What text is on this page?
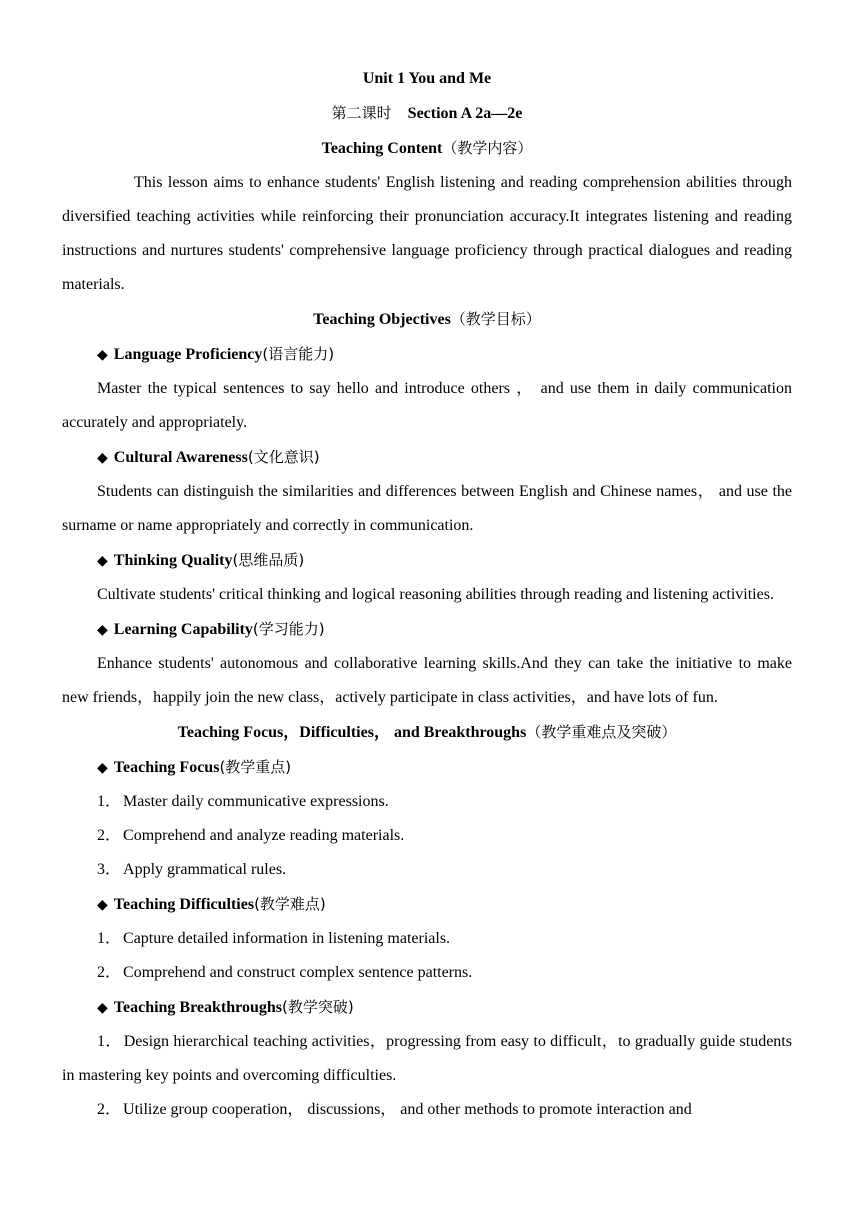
Unit 1 You and Me
第二课时 Section A 2a—2e
Teaching Content（教学内容）
This lesson aims to enhance students' English listening and reading comprehension abilities through diversified teaching activities while reinforcing their pronunciation accuracy.It integrates listening and reading instructions and nurtures students' comprehensive language proficiency through practical dialogues and reading materials.
Teaching Objectives（教学目标）
◆ Language Proficiency(语言能力)
Master the typical sentences to say hello and introduce others ， and use them in daily communication accurately and appropriately.
◆ Cultural Awareness(文化意识)
Students can distinguish the similarities and differences between English and Chinese names， and use the surname or name appropriately and correctly in communication.
◆ Thinking Quality(思维品质)
Cultivate students' critical thinking and logical reasoning abilities through reading and listening activities.
◆ Learning Capability(学习能力)
Enhance students' autonomous and collaborative learning skills.And they can take the initiative to make new friends，happily join the new class，actively participate in class activities，and have lots of fun.
Teaching Focus，Difficulties， and Breakthroughs（教学重难点及突破）
◆ Teaching Focus(教学重点)
1． Master daily communicative expressions.
2． Comprehend and analyze reading materials.
3． Apply grammatical rules.
◆ Teaching Difficulties(教学难点)
1． Capture detailed information in listening materials.
2． Comprehend and construct complex sentence patterns.
◆ Teaching Breakthroughs(教学突破)
1． Design hierarchical teaching activities，progressing from easy to difficult，to gradually guide students in mastering key points and overcoming difficulties.
2． Utilize group cooperation， discussions， and other methods to promote interaction and
